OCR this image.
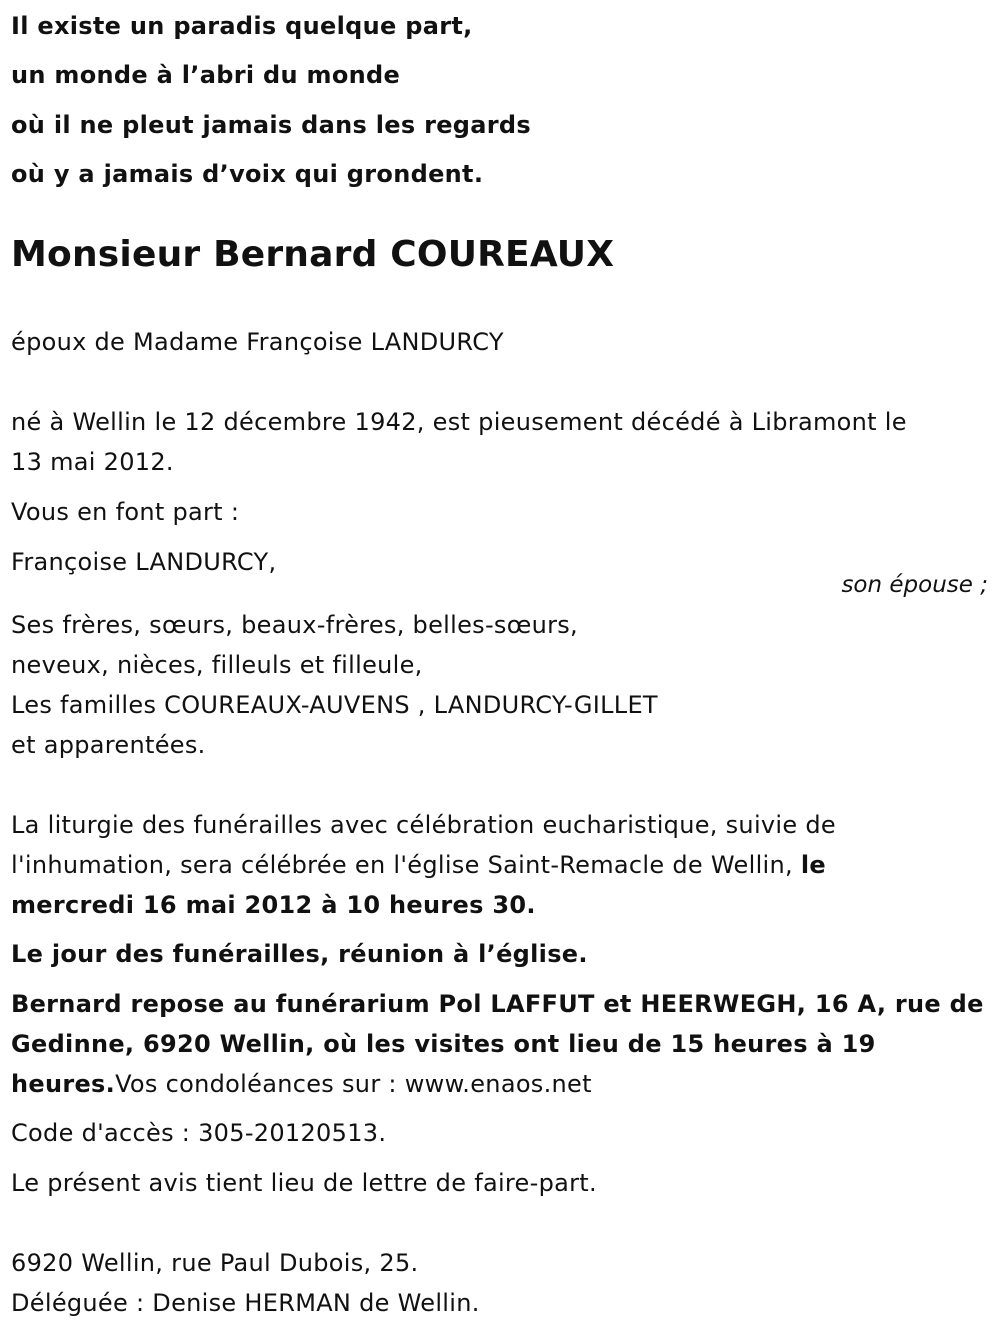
Il existe un paradis quelque part,
un monde à l’abri du monde
où il ne pleut jamais dans les regards
où y a jamais d’voix qui grondent.
Monsieur Bernard COUREAUX
époux de Madame Françoise LANDURCY
né à Wellin le 12 décembre 1942, est pieusement décédé à Libramont le
13 mai 2012.
Vous en font part :
Françoise LANDURCY,
son épouse ;
Ses frères, sœurs, beaux-frères, belles-sœurs,
neveux, nièces, filleuls et filleule,
Les familles COUREAUX-AUVENS , LANDURCY-GILLET
et apparentées.
La liturgie des funérailles avec célébration eucharistique, suivie de
l'inhumation, sera célébrée en l'église Saint-Remacle de Wellin, le
mercredi 16 mai 2012 à 10 heures 30.
Le jour des funérailles, réunion à l’église.
Bernard repose au funérarium Pol LAFFUT et HEERWEGH, 16 A, rue de
Gedinne, 6920 Wellin, où les visites ont lieu de 15 heures à 19
heures.Vos condoléances sur : www.enaos.net
Code d'accès : 305-20120513.
Le présent avis tient lieu de lettre de faire-part.
6920 Wellin, rue Paul Dubois, 25.
Déléguée : Denise HERMAN de Wellin.
